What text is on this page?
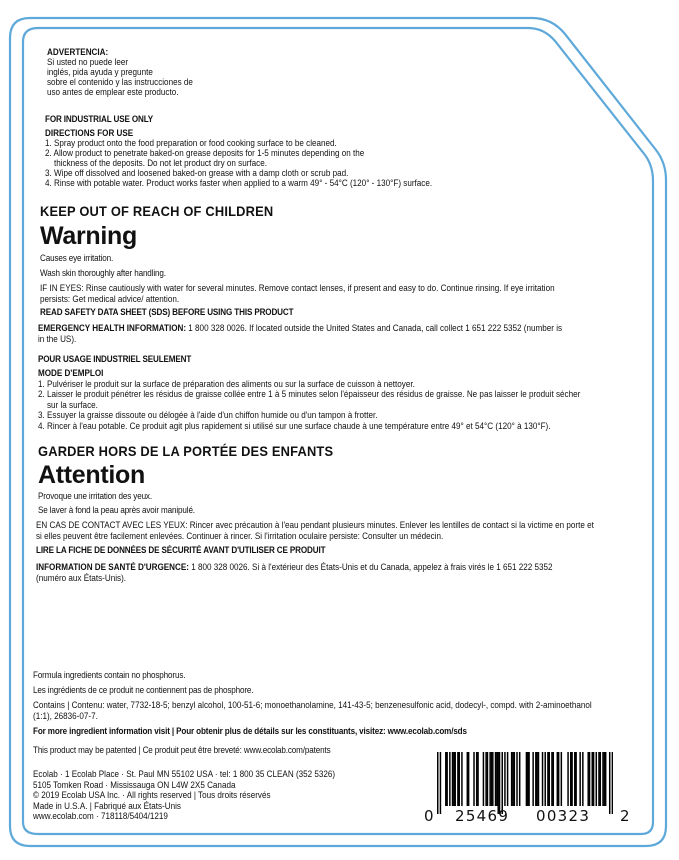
ADVERTENCIA:
Si usted no puede leer
inglés, pida ayuda y pregunte
sobre el contenido y las instrucciones de
uso antes de emplear este producto.
FOR INDUSTRIAL USE ONLY
DIRECTIONS FOR USE
1. Spray product onto the food preparation or food cooking surface to be cleaned.
2. Allow product to penetrate baked-on grease deposits for 1-5 minutes depending on the
thickness of the deposits. Do not let product dry on surface.
3. Wipe off dissolved and loosened baked-on grease with a damp cloth or scrub pad.
4. Rinse with potable water. Product works faster when applied to a warm 49° - 54°C (120° - 130°F) surface.
KEEP OUT OF REACH OF CHILDREN
Warning
Causes eye irritation.
Wash skin thoroughly after handling.
IF IN EYES: Rinse cautiously with water for several minutes. Remove contact lenses, if present and easy to do. Continue rinsing. If eye irritation
persists: Get medical advice/ attention.
READ SAFETY DATA SHEET (SDS) BEFORE USING THIS PRODUCT
EMERGENCY HEALTH INFORMATION: 1 800 328 0026. If located outside the United States and Canada, call collect 1 651 222 5352 (number is
in the US).
POUR USAGE INDUSTRIEL SEULEMENT
MODE D'EMPLOI
1. Pulvériser le produit sur la surface de préparation des aliments ou sur la surface de cuisson à nettoyer.
2. Laisser le produit pénétrer les résidus de graisse collée entre 1 à 5 minutes selon l'épaisseur des résidus de graisse. Ne pas laisser le produit sécher
sur la surface.
3. Essuyer la graisse dissoute ou délogée à l'aide d'un chiffon humide ou d'un tampon à frotter.
4. Rincer à l'eau potable. Ce produit agit plus rapidement si utilisé sur une surface chaude à une température entre 49° et 54°C (120° à 130°F).
GARDER HORS DE LA PORTÉE DES ENFANTS
Attention
Provoque une irritation des yeux.
Se laver à fond la peau après avoir manipulé.
EN CAS DE CONTACT AVEC LES YEUX: Rincer avec précaution à l'eau pendant plusieurs minutes. Enlever les lentilles de contact si la victime en porte et
si elles peuvent être facilement enlevées. Continuer à rincer. Si l'irritation oculaire persiste: Consulter un médecin.
LIRE LA FICHE DE DONNÉES DE SÉCURITÉ AVANT D'UTILISER CE PRODUIT
INFORMATION DE SANTÉ D'URGENCE: 1 800 328 0026. Si à l'extérieur des États-Unis et du Canada, appelez à frais virés le 1 651 222 5352
(numéro aux États-Unis).
Formula ingredients contain no phosphorus.
Les ingrédients de ce produit ne contiennent pas de phosphore.
Contains | Contenu: water, 7732-18-5; benzyl alcohol, 100-51-6; monoethanolamine, 141-43-5; benzenesulfonic acid, dodecyl-, compd. with 2-aminoethanol
(1:1), 26836-07-7.
For more ingredient information visit | Pour obtenir plus de détails sur les constituants, visitez: www.ecolab.com/sds
This product may be patented | Ce produit peut être breveté: www.ecolab.com/patents
Ecolab · 1 Ecolab Place · St. Paul MN 55102 USA · tel: 1 800 35 CLEAN (352 5326)
5105 Tomken Road · Mississauga ON L4W 2X5 Canada
© 2019 Ecolab USA Inc. · All rights reserved | Tous droits réservés
Made in U.S.A. | Fabriqué aux États-Unis
www.ecolab.com · 718118/5404/1219	0 25469 00323 2
